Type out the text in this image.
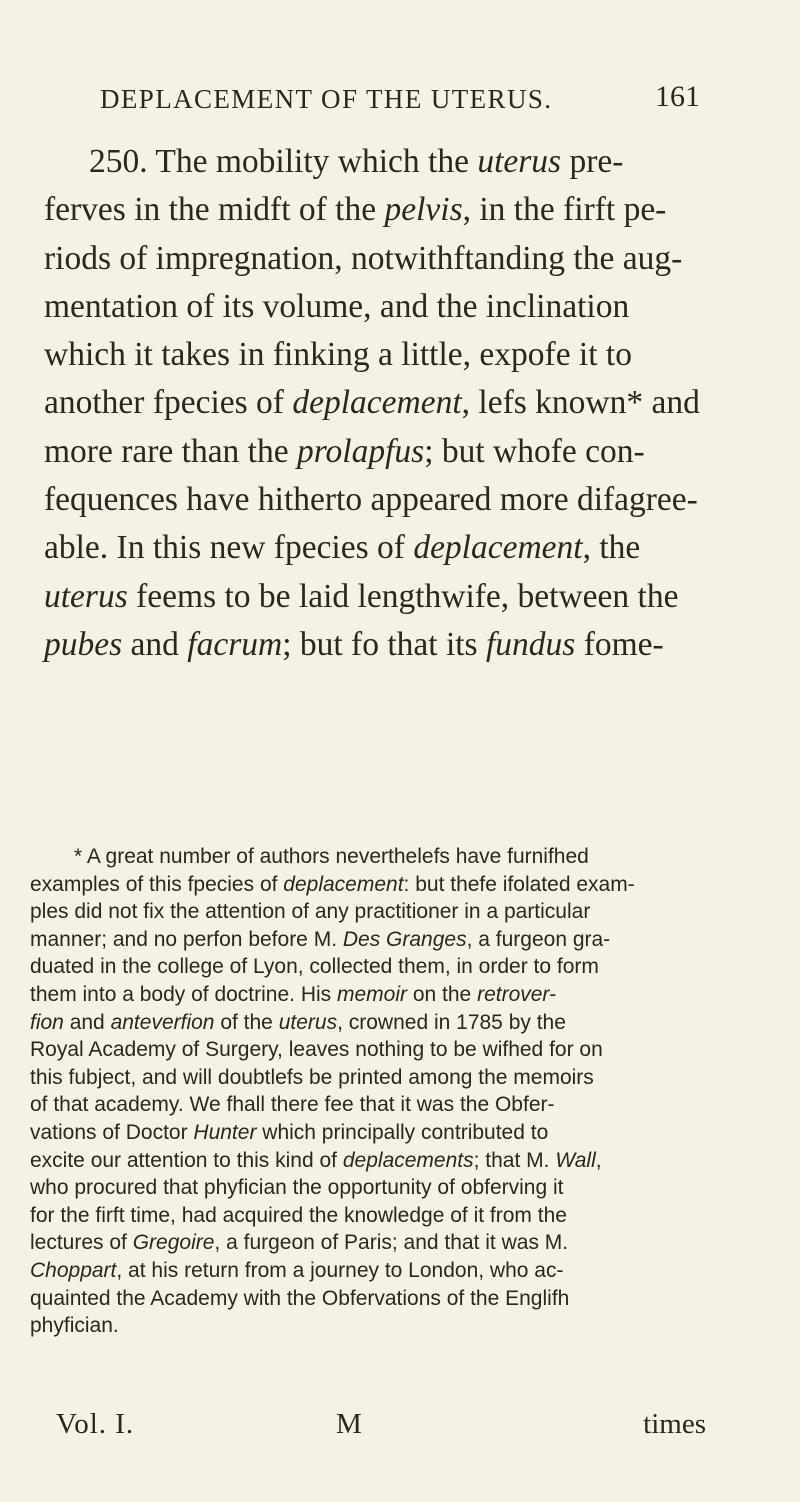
DEPLACEMENT OF THE UTERUS.	161
250. The mobility which the uterus pre-
ferves in the midft of the pelvis, in the firft pe-
riods of impregnation, notwithftanding the aug-
mentation of its volume, and the inclination
which it takes in finking a little, expofe it to
another fpecies of deplacement, lefs known* and
more rare than the prolapfus; but whofe con-
fequences have hitherto appeared more difagree-
able. In this new fpecies of deplacement, the
uterus feems to be laid lengthwife, between the
pubes and facrum; but fo that its fundus fome-
* A great number of authors neverthelefs have furnifhed
examples of this fpecies of deplacement: but thefe ifolated exam-
ples did not fix the attention of any practitioner in a particular
manner; and no perfon before M. Des Granges, a furgeon gra-
duated in the college of Lyon, collected them, in order to form
them into a body of doctrine. His memoir on the retrover-
fion and anteverfion of the uterus, crowned in 1785 by the
Royal Academy of Surgery, leaves nothing to be wifhed for on
this fubject, and will doubtlefs be printed among the memoirs
of that academy. We fhall there fee that it was the Obfer-
vations of Doctor Hunter which principally contributed to
excite our attention to this kind of deplacements; that M. Wall,
who procured that phyfician the opportunity of obferving it
for the firft time, had acquired the knowledge of it from the
lectures of Gregoire, a furgeon of Paris; and that it was M.
Choppart, at his return from a journey to London, who ac-
quainted the Academy with the Obfervations of the Englifh
phyfician.
Vol. I.	M	times
